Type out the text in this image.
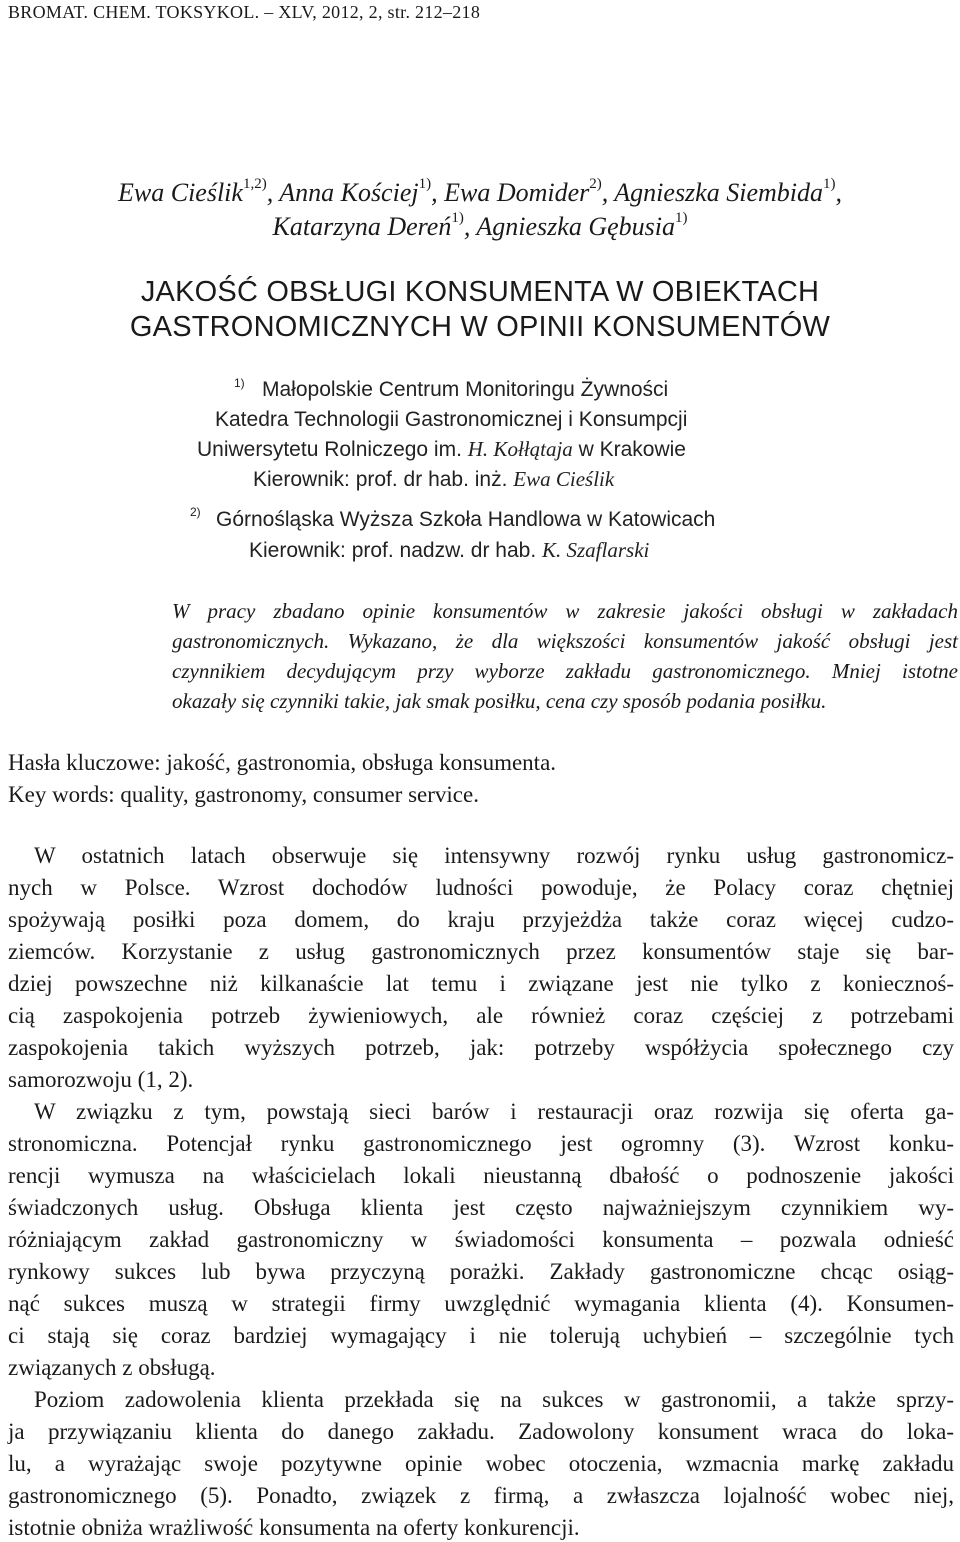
BROMAT. CHEM. TOKSYKOL. – XLV, 2012, 2, str. 212–218
Ewa Cieślik$^{1,2)}$, Anna Kościej$^{1)}$, Ewa Domider$^{2)}$, Agnieszka Siembida$^{1)}$,
Katarzyna Dereń$^{1)}$, Agnieszka Gębusia$^{1)}$
JAKOŚĆ OBSŁUGI KONSUMENTA W OBIEKTACH
GASTRONOMICZNYCH W OPINII KONSUMENTÓW
1) Małopolskie Centrum Monitoringu Żywności
Katedra Technologii Gastronomicznej i Konsumpcji
Uniwersytetu Rolniczego im. H. Kołłątaja w Krakowie
Kierownik: prof. dr hab. inż. Ewa Cieślik
2) Górnośląska Wyższa Szkoła Handlowa w Katowicach
Kierownik: prof. nadzw. dr hab. K. Szaflarski
W pracy zbadano opinie konsumentów w zakresie jakości obsługi w zakładach
gastronomicznych. Wykazano, że dla większości konsumentów jakość obsługi jest
czynnikiem decydującym przy wyborze zakładu gastronomicznego. Mniej istotne
okazały się czynniki takie, jak smak posiłku, cena czy sposób podania posiłku.
Hasła kluczowe: jakość, gastronomia, obsługa konsumenta.
Key words: quality, gastronomy, consumer service.
W ostatnich latach obserwuje się intensywny rozwój rynku usług gastronomicz-
nych w Polsce. Wzrost dochodów ludności powoduje, że Polacy coraz chętniej
spożywają posiłki poza domem, do kraju przyjeżdża także coraz więcej cudzo-
ziemców. Korzystanie z usług gastronomicznych przez konsumentów staje się bar-
dziej powszechne niż kilkanaście lat temu i związane jest nie tylko z koniecznoś-
cią zaspokojenia potrzeb żywieniowych, ale również coraz częściej z potrzebami
zaspokojenia takich wyższych potrzeb, jak: potrzeby współżycia społecznego czy
samorozwoju (1, 2).
W związku z tym, powstają sieci barów i restauracji oraz rozwija się oferta ga-
stronomiczna. Potencjał rynku gastronomicznego jest ogromny (3). Wzrost konku-
rencji wymusza na właścicielach lokali nieustanną dbałość o podnoszenie jakości
świadczonych usług. Obsługa klienta jest często najważniejszym czynnikiem wy-
różniającym zakład gastronomiczny w świadomości konsumenta – pozwala odnieść
rynkowy sukces lub bywa przyczyną porażki. Zakłady gastronomiczne chcąc osiąg-
nąć sukces muszą w strategii firmy uwzględnić wymagania klienta (4). Konsumen-
ci stają się coraz bardziej wymagający i nie tolerują uchybień – szczególnie tych
związanych z obsługą.
Poziom zadowolenia klienta przekłada się na sukces w gastronomii, a także sprzy-
ja przywiązaniu klienta do danego zakładu. Zadowolony konsument wraca do loka-
lu, a wyrażając swoje pozytywne opinie wobec otoczenia, wzmacnia markę zakładu
gastronomicznego (5). Ponadto, związek z firmą, a zwłaszcza lojalność wobec niej,
istotnie obniża wrażliwość konsumenta na oferty konkurencji.
